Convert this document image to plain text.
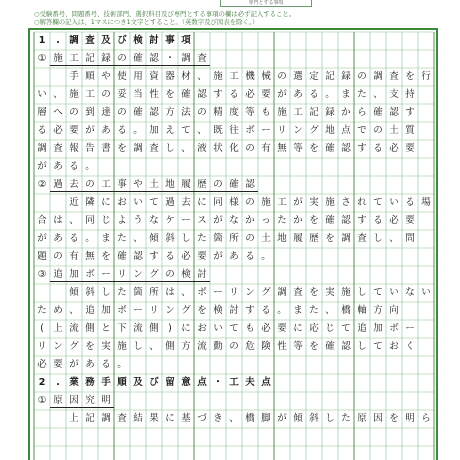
専門とする事項
○受験番号、問題番号、技術部門、選択科目及び専門とする事項の欄は必ず記入すること。
○解答欄の記入は、1マスにつき1文字とすること。（英数字及び図表を除く。）
1	. 調 査 及 び 検 討 事 項
① 施 工 記 録 の 確 認 ・ 調 査
手 順 や 使 用 資 器 材 、 施 工 機 械 の 選 定 記 録 の 調 査 を 行
い 、 施 工 の 妥 当 性 を 確 認 す る 必 要 が あ る 。 ま た 、 支 持
層 へ の 到 達 の 確 認 方 法 の 精 度 等 も 施 工 記 録 か ら 確 認 す
る 必 要 が あ る 。 加 え て 、 既 往 ボ ー リ ン グ 地 点 で の 土 質
調 査 報 告 書 を 調 査 し 、 液 状 化 の 有 無 等 を 確 認 す る 必 要
が あ る 。
② 過 去 の 工 事 や 土 地 履 歴 の 確 認
近 隣 に お い て 過 去 に 同 様 の 施 工 が 実 施 さ れ て い る 場
合 は 、 同 じ よ う な ケ ー ス が な か っ た か を 確 認 す る 必 要
が あ る 。 ま た 、 傾 斜 し た 箇 所 の 土 地 履 歴 を 調 査 し 、 問
題 の 有 無 を 確 認 す る 必 要 が あ る 。
③ 追 加 ボ ー リ ン グ の 検 討
傾 斜 し た 箇 所 は 、 ボ ー リ ン グ 調 査 を 実 施 し て い な い
た め 、 追 加 ボ ー リ ン グ を 検 討 す る 。 ま た 、 橋 軸 方 向
( 上 流 側 と 下 流 側 ) に お い て も 必 要 に 応 じ て 追 加 ボ ー
リ ン グ を 実 施 し 、 側 方 流 動 の 危 険 性 等 を 確 認 し て お く
必 要 が あ る 。
2	. 業 務 手 順 及 び 留 意 点 ・ 工 夫 点
① 原 因 究 明
上 記 調 査 結 果 に 基 づ き 、 橋 脚 が 傾 斜 し た 原 因 を 明 ら
